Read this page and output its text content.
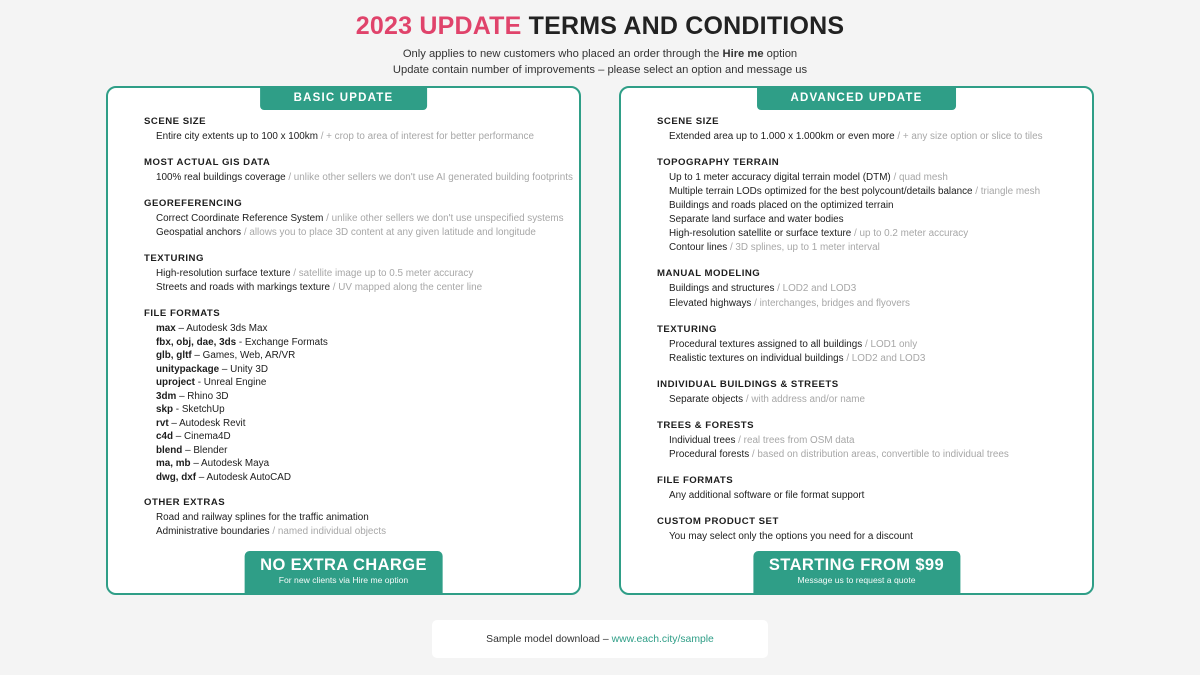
2023 UPDATE TERMS AND CONDITIONS
Only applies to new customers who placed an order through the Hire me option
Update contain number of improvements – please select an option and message us
BASIC UPDATE
SCENE SIZE
Entire city extents up to 100 x 100km / + crop to area of interest for better performance
MOST ACTUAL GIS DATA
100% real buildings coverage / unlike other sellers we don't use AI generated building footprints
GEOREFERENCING
Correct Coordinate Reference System / unlike other sellers we don't use unspecified systems
Geospatial anchors / allows you to place 3D content at any given latitude and longitude
TEXTURING
High-resolution surface texture / satellite image up to 0.5 meter accuracy
Streets and roads with markings texture / UV mapped along the center line
FILE FORMATS
max – Autodesk 3ds Max
fbx, obj, dae, 3ds - Exchange Formats
glb, gltf – Games, Web, AR/VR
unitypackage – Unity 3D
uproject - Unreal Engine
3dm – Rhino 3D
skp - SketchUp
rvt – Autodesk Revit
c4d – Cinema4D
blend – Blender
ma, mb – Autodesk Maya
dwg, dxf – Autodesk AutoCAD
OTHER EXTRAS
Road and railway splines for the traffic animation
Administrative boundaries / named individual objects
NO EXTRA CHARGE
For new clients via Hire me option
ADVANCED UPDATE
SCENE SIZE
Extended area up to 1.000 x 1.000km or even more / + any size option or slice to tiles
TOPOGRAPHY TERRAIN
Up to 1 meter accuracy digital terrain model (DTM) / quad mesh
Multiple terrain LODs optimized for the best polycount/details balance / triangle mesh
Buildings and roads placed on the optimized terrain
Separate land surface and water bodies
High-resolution satellite or surface texture / up to 0.2 meter accuracy
Contour lines / 3D splines, up to 1 meter interval
MANUAL MODELING
Buildings and structures / LOD2 and LOD3
Elevated highways / interchanges, bridges and flyovers
TEXTURING
Procedural textures assigned to all buildings / LOD1 only
Realistic textures on individual buildings / LOD2 and LOD3
INDIVIDUAL BUILDINGS & STREETS
Separate objects / with address and/or name
TREES & FORESTS
Individual trees / real trees from OSM data
Procedural forests / based on distribution areas, convertible to individual trees
FILE FORMATS
Any additional software or file format support
CUSTOM PRODUCT SET
You may select only the options you need for a discount
STARTING FROM $99
Message us to request a quote
Sample model download – www.each.city/sample
